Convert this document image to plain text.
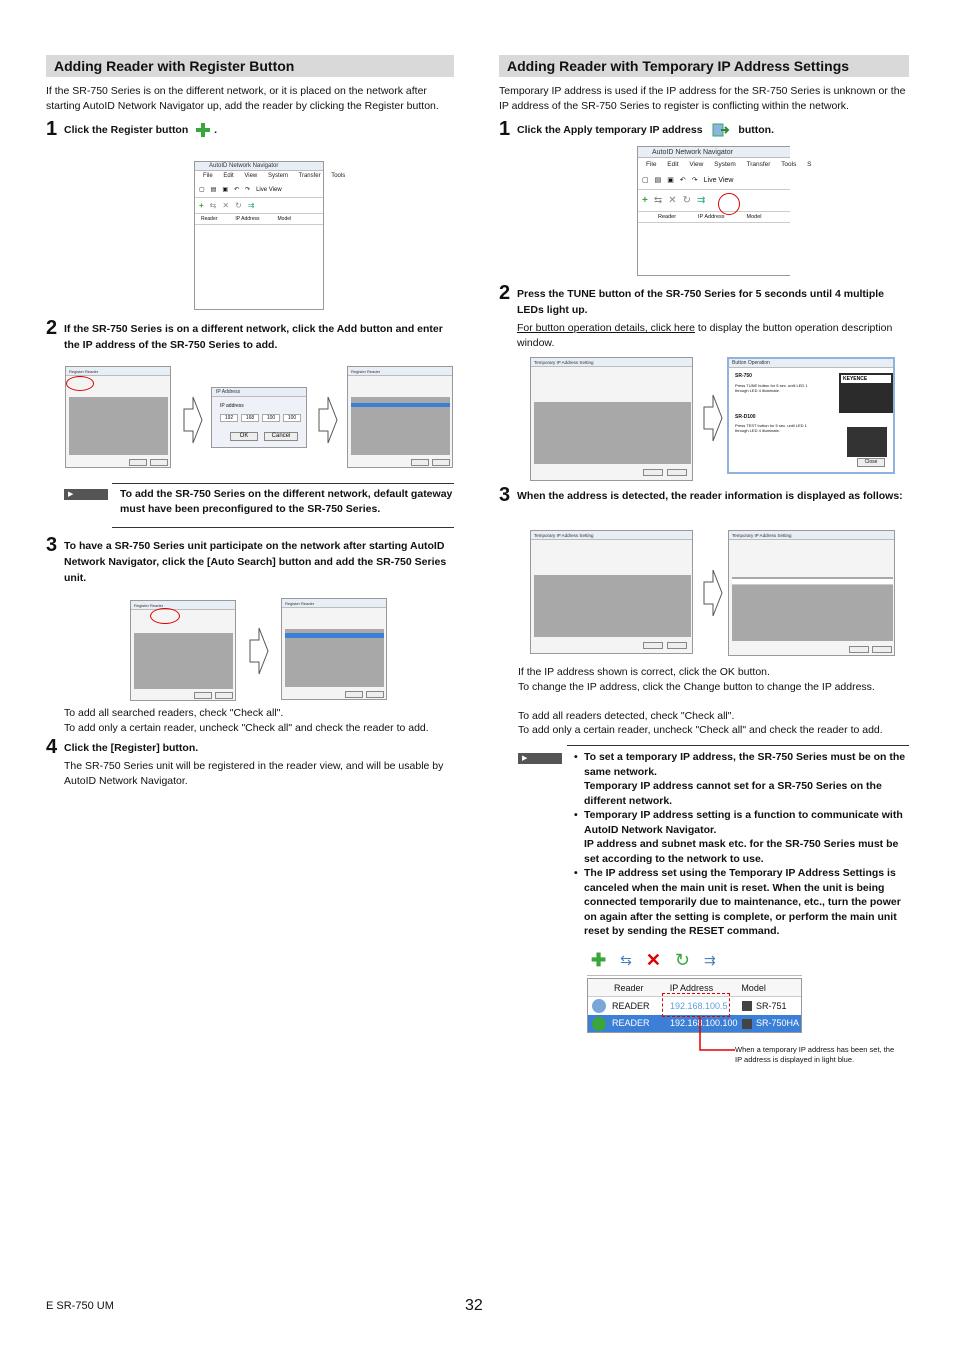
Adding Reader with Register Button

If the SR-750 Series is on the different network, or it is placed on the network after starting AutoID Network Navigator up, add the reader by clicking the Register button.

1 Click the Register button .
AutoID Network Navigator
File Edit View System Transfer Tools
▢ ▤ ▣ ↶ ↷ Live View
+ ⇆ ✕ ↻ ⇉
Reader	IP Address	Model
2 If the SR-750 Series is on a different network, click the Add button and enter the IP address of the SR-750 Series to add.
Register Reader
IP Address
IP address
192	168	100	100
OK	Cancel
Register Reader
▶ Important
To add the SR-750 Series on the different network, default gateway must have been preconfigured to the SR-750 Series.
3 To have a SR-750 Series unit participate on the network after starting AutoID Network Navigator, click the [Auto Search] button and add the SR-750 Series unit.
Register Reader	Register Reader
To add all searched readers, check "Check all".
To add only a certain reader, uncheck "Check all" and check the reader to add.
4 Click the [Register] button.

The SR-750 Series unit will be registered in the reader view, and will be usable by AutoID Network Navigator.

Adding Reader with Temporary IP Address Settings

Temporary IP address is used if the IP address for the SR-750 Series is unknown or the IP address of the SR-750 Series to register is conflicting within the network.

1 Click the Apply temporary IP address	button.
AutoID Network Navigator
File Edit View System Transfer Tools S
▢ ▤ ▣ ↶ ↷ Live View
+ ⇆ ✕ ↻ ⇉
Reader	IP Address	Model
2 Press the TUNE button of the SR-750 Series for 5 seconds until 4 multiple LEDs light up.

For button operation details, click here to display the button operation description window.

Temporary IP Address Setting	Button Operation
SR-750
Press TUNE button for 5 sec. until LED 1 through LED 4 illuminate.
SR-D100
Press TEST button for 5 sec. until LED 1 through LED 4 illuminate.
KEYENCE
Close
3 When the address is detected, the reader information is displayed as follows:
Temporary IP Address Setting	Temporary IP Address Setting
If the IP address shown is correct, click the OK button.
To change the IP address, click the Change button to change the IP address.
To add all readers detected, check "Check all".
To add only a certain reader, uncheck "Check all" and check the reader to add.
▶ Important
• To set a temporary IP address, the SR-750 Series must be on the same network.
Temporary IP address cannot set for a SR-750 Series on the different network.
• Temporary IP address setting is a function to communicate with AutoID Network Navigator.
IP address and subnet mask etc. for the SR-750 Series must be set according to the network to use.
• The IP address set using the Temporary IP Address Settings is canceled when the main unit is reset. When the unit is being connected temporarily due to maintenance, etc., turn the power on again after the setting is complete, or perform the main unit reset by sending the RESET command.
✚ ⇆ ✕ ↻ ⇉
Reader	IP Address	Model
READER	192.168.100.5	SR-751
READER	192.168.100.100	SR-750HA
When a temporary IP address has been set, the IP address is displayed in light blue.
E SR-750 UM	32
